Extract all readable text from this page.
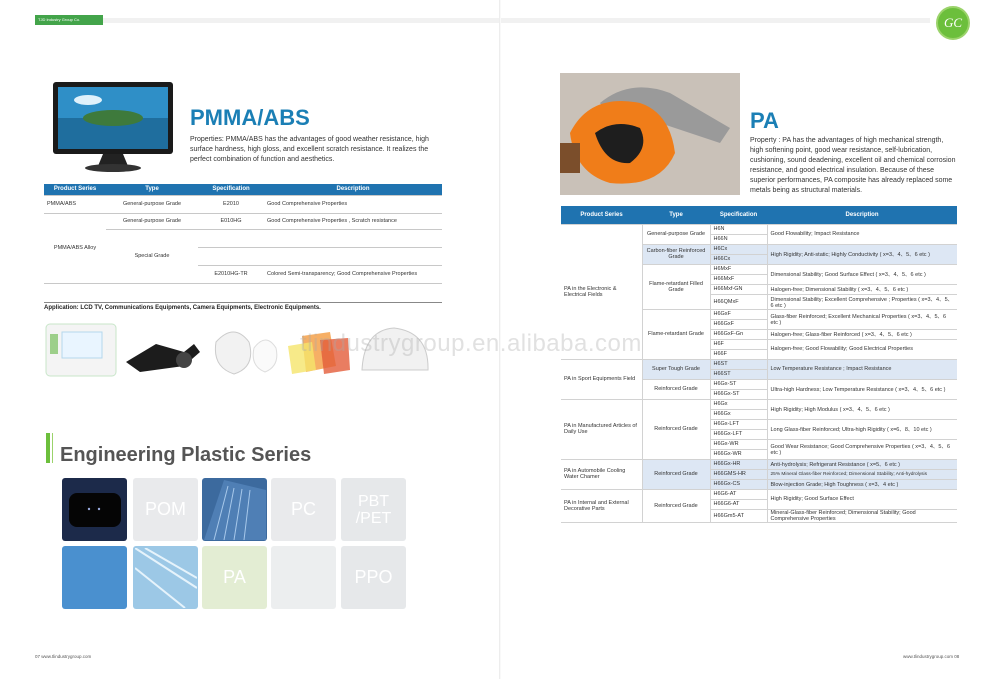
TJD Industry Group Co.	GC
PMMA/ABS
Properties: PMMA/ABS has the advantages of good weather resistance, high surface hardness, high gloss, and excellent scratch resistance. It realizes the perfect combination of function and aesthetics.
Product Series	Type	Specification	Description
PMMA/ABS	General-purpose Grade	E2010	Good Comprehensive Properties
PMMA/ABS Alloy	General-purpose Grade	E010HG	Good Comprehensive Properties , Scratch resistance
	Special Grade		

		E2010HG-TR	Colored Semi-transparency; Good Comprehensive Properties
Application: LCD TV, Communications Equipments, Camera Equipments, Electronic Equipments.
Engineering Plastic Series
POM	PC	PBT /PET
PA	PPO
07 www.tlindustrygroup.com
PA
Property : PA has the advantages of high mechanical strength, high softening point, good wear resistance, self-lubrication, cushioning, sound deadening, excellent oil and chemical corrosion resistance, and good electrical insulation. Because of these superior performances, PA composite has already replaced some metals being as structural materials.
Product Series	Type	Specification	Description
PA in the Electronic & Electrical Fields	General-purpose Grade	H6N	Good Flowability; Impact Resistance
		H66N	
	Carbon-fiber Reinforced Grade	H6Cx	High Rigidity; Anti-static; Highly Conductivity ( x=3、4、5、6 etc )
		H66Cx	
	Flame-retardant Filled Grade	H6MxF	Dimensional Stability; Good Surface Effect ( x=3、4、5、6 etc )
		H66MxF	
		H66Mxf-GN	Halogen-free; Dimensional Stability ( x=3、4、5、6 etc )
		H66QMxF	Dimensional Stability; Excellent Comprehensive ; Properties ( x=3、4、5、6 etc )
	Flame-retardant Grade	H6GxF	Glass-fiber Reinforced; Excellent Mechanical Properties ( x=3、4、5、6 etc )
		H66GxF	
		H66GxF-Gn	Halogen-free; Glass-fiber Reinforced ( x=3、4、5、6 etc )
		H6F	Halogen-free; Good Flowability; Good Electrical Properties
		H66F	
PA in Sport Equipments Field	Super Tough Grade	H6ST	Low Temperature Resistance ; Impact Resistance
		H66ST	
	Reinforced Grade	H6Gx-ST	Ultra-high Hardness; Low Temperature Resistance ( x=3、4、5、6 etc )
		H66Gx-ST	
PA in Manufactured Articles of Daily Use	Reinforced Grade	H6Gx	High Rigidity; High Modulus ( x=3、4、5、6 etc )
		H66Gx	
		H6Gx-LFT	Long Glass-fiber Reinforced; Ultra-high Rigidity ( x=6、8、10 etc )
		H66Gx-LFT	
		H6Gx-WR	Good Wear Resistance; Good Comprehensive Properties ( x=3、4、5、6 etc )
		H66Gx-WR	
PA in Automobile Cooling Water Chamer	Reinforced Grade	H66Gx-HR	Anti-hydrolysis; Refrigerant Resistance ( x=5、6 etc )
		H66GMS-HR	25% Mineral Glass-fiber Reinforced; Dimensional Stability; Anti-hydrolysis
		H66Gx-CS	Blow-injection Grade; High Toughness ( x=3、4 etc )
PA in Internal and External Decorative Parts	Reinforced Grade	H6G6-AT	High Rigidity; Good Surface Effect
		H66G6-AT	
		H66Gm5-AT	Mineral-Glass-fiber Reinforced; Dimensional Stability; Good Comprehensive Properties
tlindustrygroup.en.alibaba.com
www.tlindustrygroup.com 08
